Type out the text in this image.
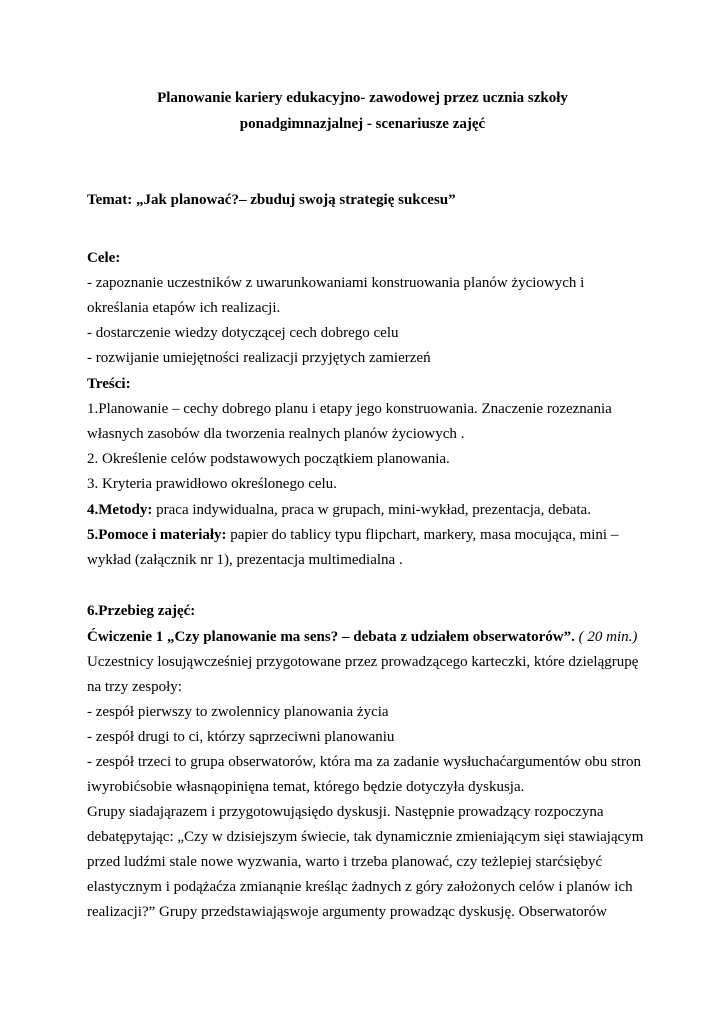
Planowanie kariery edukacyjno- zawodowej przez ucznia szkoły
ponadgimnazjalnej - scenariusze zajęć
Temat: „Jak planować?– zbuduj swoją strategię sukcesu”
Cele:
- zapoznanie uczestników z uwarunkowaniami konstruowania planów życiowych i
określania etapów ich realizacji.
- dostarczenie wiedzy dotyczącej cech dobrego celu
- rozwijanie umiejętności realizacji przyjętych zamierzeń
Treści:
1.Planowanie – cechy dobrego planu i etapy jego konstruowania. Znaczenie rozeznania
własnych zasobów dla tworzenia realnych planów życiowych .
2. Określenie celów podstawowych początkiem planowania.
3. Kryteria prawidłowo określonego celu.
4.Metody: praca indywidualna, praca w grupach, mini-wykład, prezentacja, debata.
5.Pomoce i materiały: papier do tablicy typu flipchart, markery, masa mocująca, mini –
wykład (załącznik nr 1), prezentacja multimedialna .
6.Przebieg zajęć:
Ćwiczenie 1 „Czy planowanie ma sens? – debata z udziałem obserwatorów”. ( 20 min.)
Uczestnicy losująwcześniej przygotowane przez prowadzącego karteczki, które dzielągrupę
na trzy zespoły:
- zespół pierwszy to zwolennicy planowania życia
- zespół drugi to ci, którzy sąprzeciwni planowaniu
- zespół trzeci to grupa obserwatorów, która ma za zadanie wysłuchaćargumentów obu stron
iwyrobićsobie własnąopinięna temat, którego będzie dotyczyła dyskusja.
Grupy siadająrazem i przygotowująsiędo dyskusji. Następnie prowadzący rozpoczyna
debatępytając: „Czy w dzisiejszym świecie, tak dynamicznie zmieniającym sięi stawiającym
przed ludźmi stale nowe wyzwania, warto i trzeba planować, czy teżlepiej starćsiębyć
elastycznym i podążaćza zmianąnie kreśląc żadnych z góry założonych celów i planów ich
realizacji?” Grupy przedstawiająswoje argumenty prowadząc dyskusję. Obserwatorów
